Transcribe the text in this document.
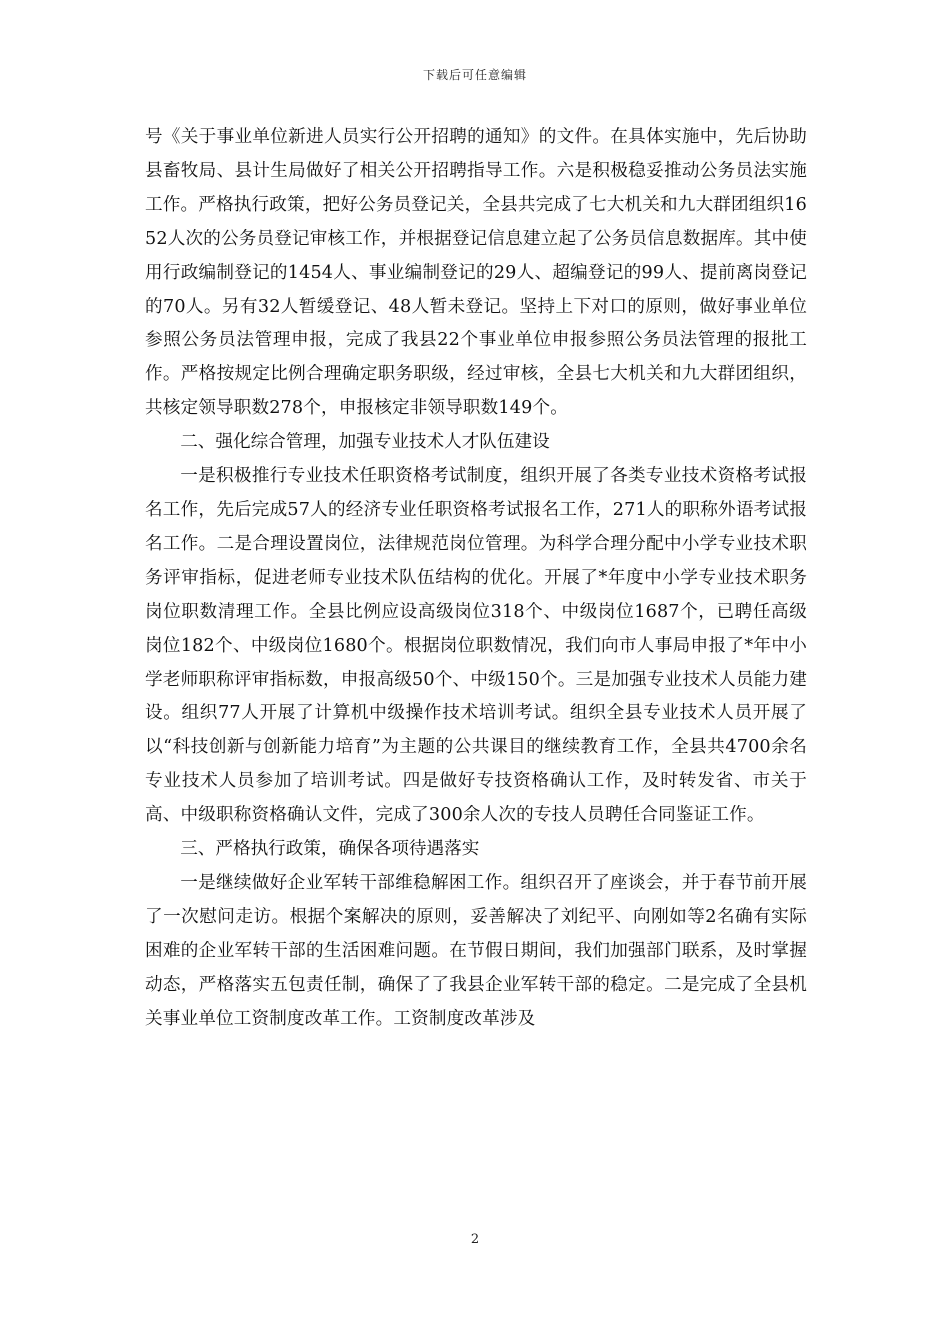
下载后可任意编辑

号《关于事业单位新进人员实行公开招聘的通知》的文件。在具体实施中，先后协助县畜牧局、县计生局做好了相关公开招聘指导工作。六是积极稳妥推动公务员法实施工作。严格执行政策，把好公务员登记关，全县共完成了七大机关和九大群团组织1652人次的公务员登记审核工作，并根据登记信息建立起了公务员信息数据库。其中使用行政编制登记的1454人、事业编制登记的29人、超编登记的99人、提前离岗登记的70人。另有32人暂缓登记、48人暂未登记。坚持上下对口的原则，做好事业单位参照公务员法管理申报，完成了我县22个事业单位申报参照公务员法管理的报批工作。严格按规定比例合理确定职务职级，经过审核，全县七大机关和九大群团组织，共核定领导职数278个，申报核定非领导职数149个。

二、强化综合管理，加强专业技术人才队伍建设

一是积极推行专业技术任职资格考试制度，组织开展了各类专业技术资格考试报名工作，先后完成57人的经济专业任职资格考试报名工作，271人的职称外语考试报名工作。二是合理设置岗位，法律规范岗位管理。为科学合理分配中小学专业技术职务评审指标，促进老师专业技术队伍结构的优化。开展了*年度中小学专业技术职务岗位职数清理工作。全县比例应设高级岗位318个、中级岗位1687个，已聘任高级岗位182个、中级岗位1680个。根据岗位职数情况，我们向市人事局申报了*年中小学老师职称评审指标数，申报高级50个、中级150个。三是加强专业技术人员能力建设。组织77人开展了计算机中级操作技术培训考试。组织全县专业技术人员开展了以“科技创新与创新能力培育”为主题的公共课目的继续教育工作，全县共4700余名专业技术人员参加了培训考试。四是做好专技资格确认工作，及时转发省、市关于高、中级职称资格确认文件，完成了300余人次的专技人员聘任合同鉴证工作。

三、严格执行政策，确保各项待遇落实

一是继续做好企业军转干部维稳解困工作。组织召开了座谈会，并于春节前开展了一次慰问走访。根据个案解决的原则，妥善解决了刘纪平、向刚如等2名确有实际困难的企业军转干部的生活困难问题。在节假日期间，我们加强部门联系，及时掌握动态，严格落实五包责任制，确保了了我县企业军转干部的稳定。二是完成了全县机关事业单位工资制度改革工作。工资制度改革涉及

2
